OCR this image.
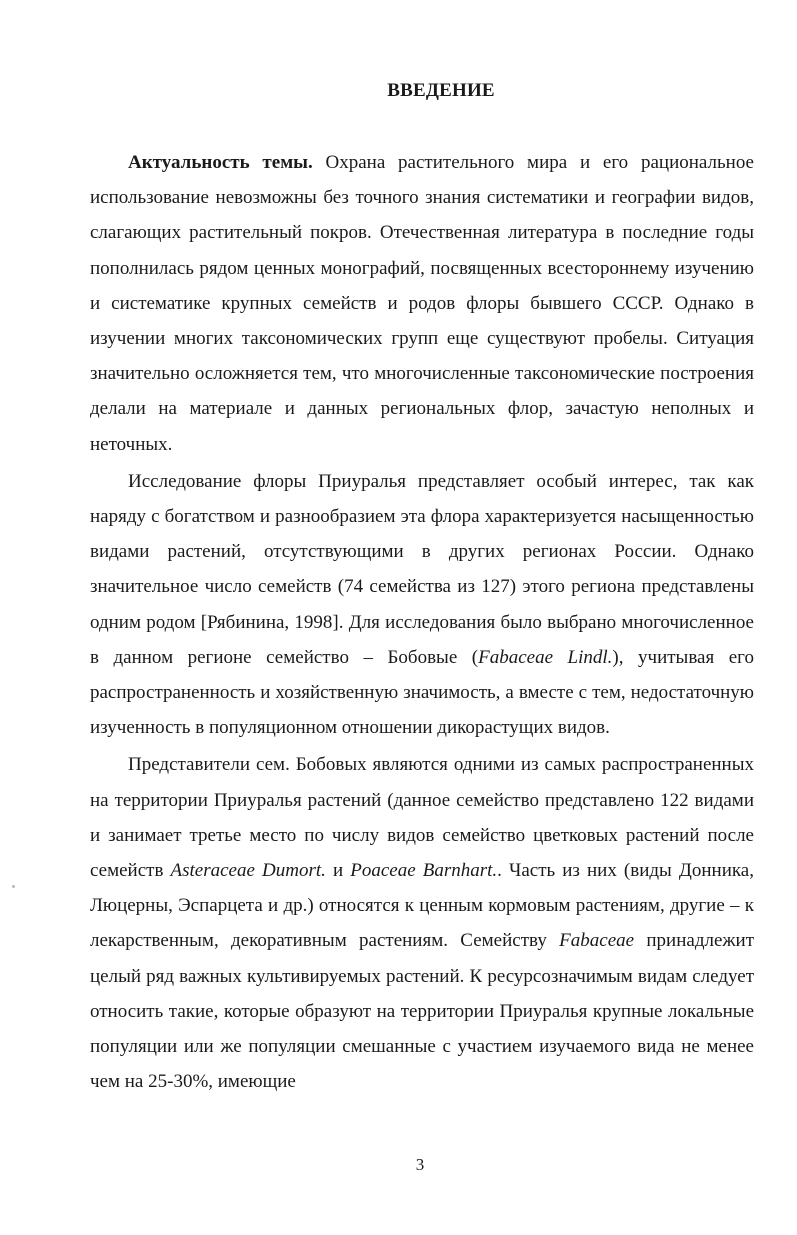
ВВЕДЕНИЕ

Актуальность темы. Охрана растительного мира и его рациональное использование невозможны без точного знания систематики и географии видов, слагающих растительный покров. Отечественная литература в последние годы пополнилась рядом ценных монографий, посвященных всестороннему изучению и систематике крупных семейств и родов флоры бывшего СССР. Однако в изучении многих таксономических групп еще существуют пробелы. Ситуация значительно осложняется тем, что многочисленные таксономические построения делали на материале и данных региональных флор, зачастую неполных и неточных.

Исследование флоры Приуралья представляет особый интерес, так как наряду с богатством и разнообразием эта флора характеризуется насыщенностью видами растений, отсутствующими в других регионах России. Однако значительное число семейств (74 семейства из 127) этого региона представлены одним родом [Рябинина, 1998]. Для исследования было выбрано многочисленное в данном регионе семейство – Бобовые (Fabaceae Lindl.), учитывая его распространенность и хозяйственную значимость, а вместе с тем, недостаточную изученность в популяционном отношении дикорастущих видов.

Представители сем. Бобовых являются одними из самых распространенных на территории Приуралья растений (данное семейство представлено 122 видами и занимает третье место по числу видов семейство цветковых растений после семейств Asteraceae Dumort. и Poaceae Barnhart.. Часть из них (виды Донника, Люцерны, Эспарцета и др.) относятся к ценным кормовым растениям, другие – к лекарственным, декоративным растениям. Семейству Fabaceae принадлежит целый ряд важных культивируемых растений. К ресурсозначимым видам следует относить такие, которые образуют на территории Приуралья крупные локальные популяции или же популяции смешанные с участием изучаемого вида не менее чем на 25-30%, имеющие

3
